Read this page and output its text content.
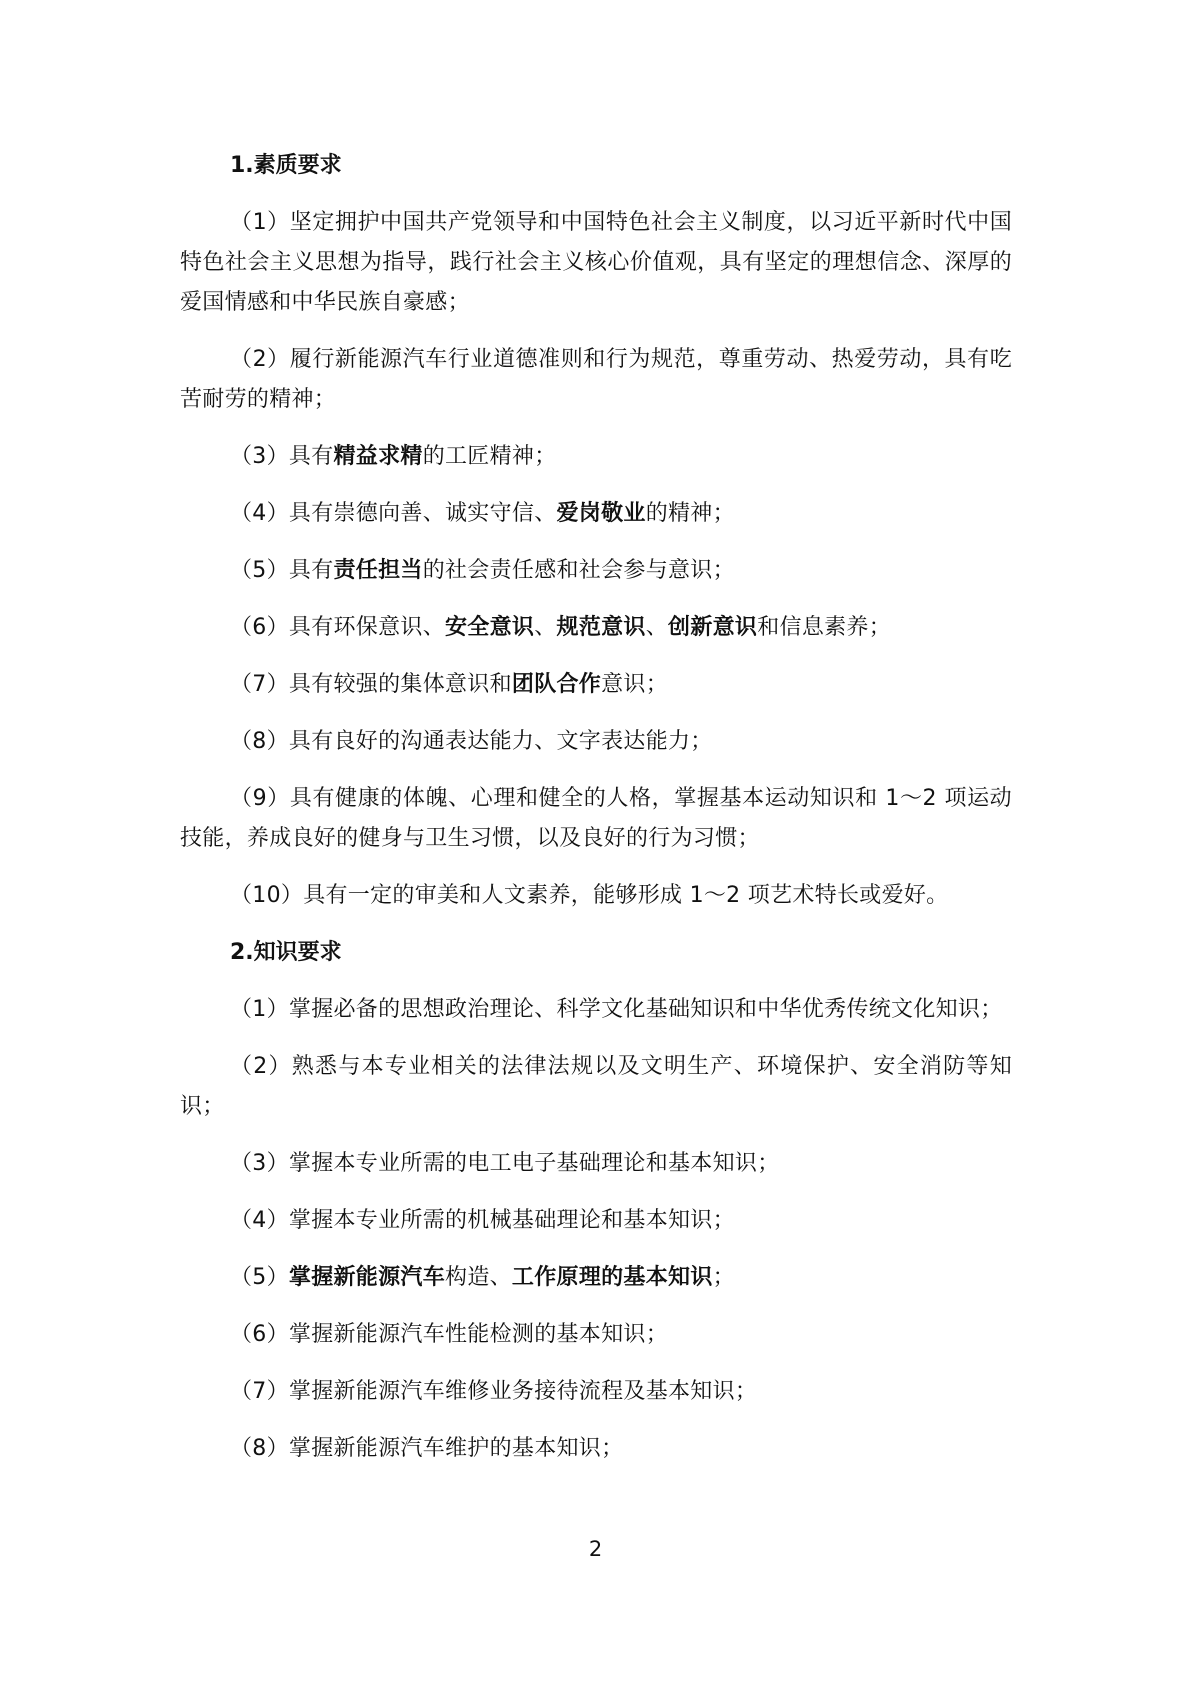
1.素质要求

（1）坚定拥护中国共产党领导和中国特色社会主义制度，以习近平新时代中国特色社会主义思想为指导，践行社会主义核心价值观，具有坚定的理想信念、深厚的爱国情感和中华民族自豪感；

（2）履行新能源汽车行业道德准则和行为规范，尊重劳动、热爱劳动，具有吃苦耐劳的精神；

（3）具有精益求精的工匠精神；

（4）具有崇德向善、诚实守信、爱岗敬业的精神；

（5）具有责任担当的社会责任感和社会参与意识；

（6）具有环保意识、安全意识、规范意识、创新意识和信息素养；

（7）具有较强的集体意识和团队合作意识；

（8）具有良好的沟通表达能力、文字表达能力；

（9）具有健康的体魄、心理和健全的人格，掌握基本运动知识和 1～2 项运动技能，养成良好的健身与卫生习惯，以及良好的行为习惯；

（10）具有一定的审美和人文素养，能够形成 1～2 项艺术特长或爱好。

2.知识要求

（1）掌握必备的思想政治理论、科学文化基础知识和中华优秀传统文化知识；

（2）熟悉与本专业相关的法律法规以及文明生产、环境保护、安全消防等知识；

（3）掌握本专业所需的电工电子基础理论和基本知识；

（4）掌握本专业所需的机械基础理论和基本知识；

（5）掌握新能源汽车构造、工作原理的基本知识；

（6）掌握新能源汽车性能检测的基本知识；

（7）掌握新能源汽车维修业务接待流程及基本知识；

（8）掌握新能源汽车维护的基本知识；

2
